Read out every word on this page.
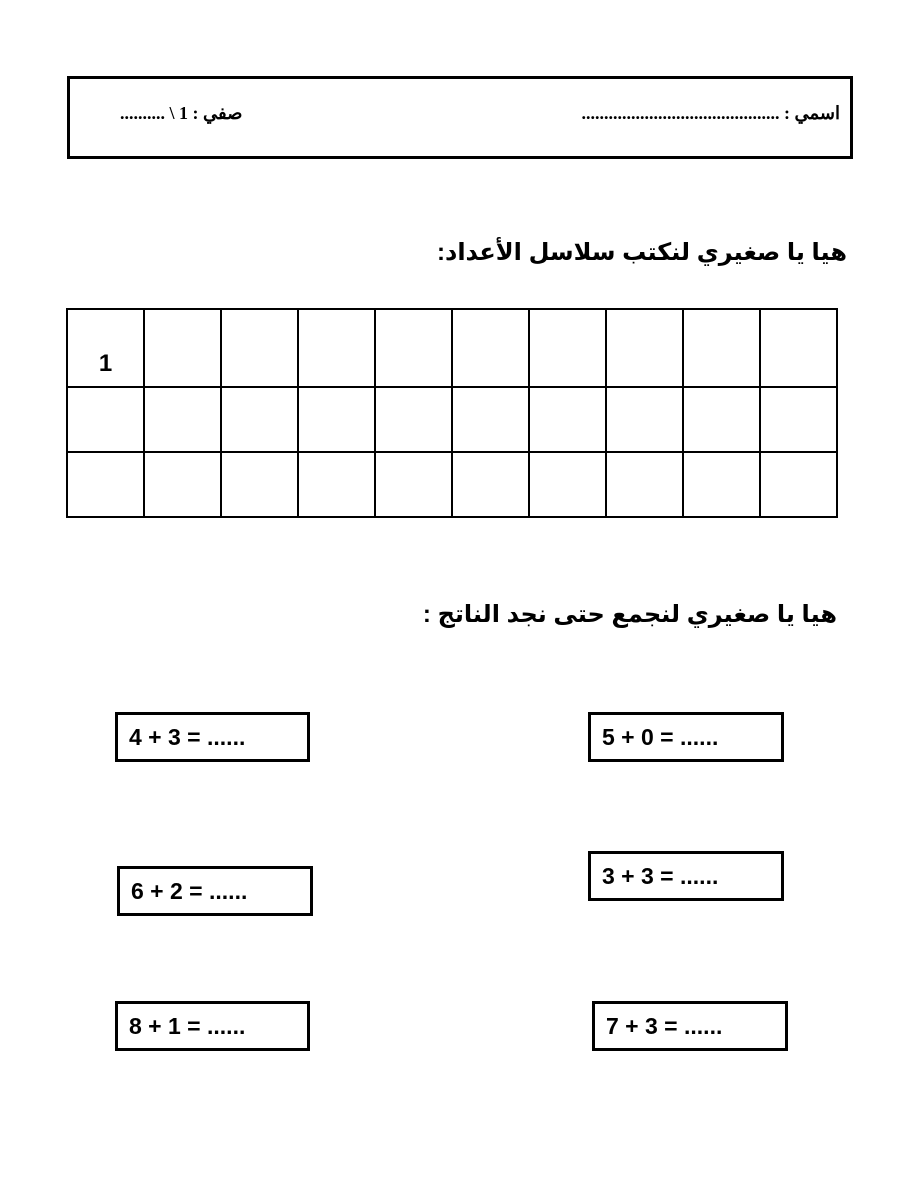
اسمي : ............................................
صفي : 1 \ ..........
هيا يا صغيري لنكتب سلاسل الأعداد:
1									

هيا يا صغيري لنجمع حتى نجد الناتج :
4 + 3 = ......	5 + 0 = ......
6 + 2 = ......
3 + 3 = ......
8 + 1 = ......	7 + 3 = ......
